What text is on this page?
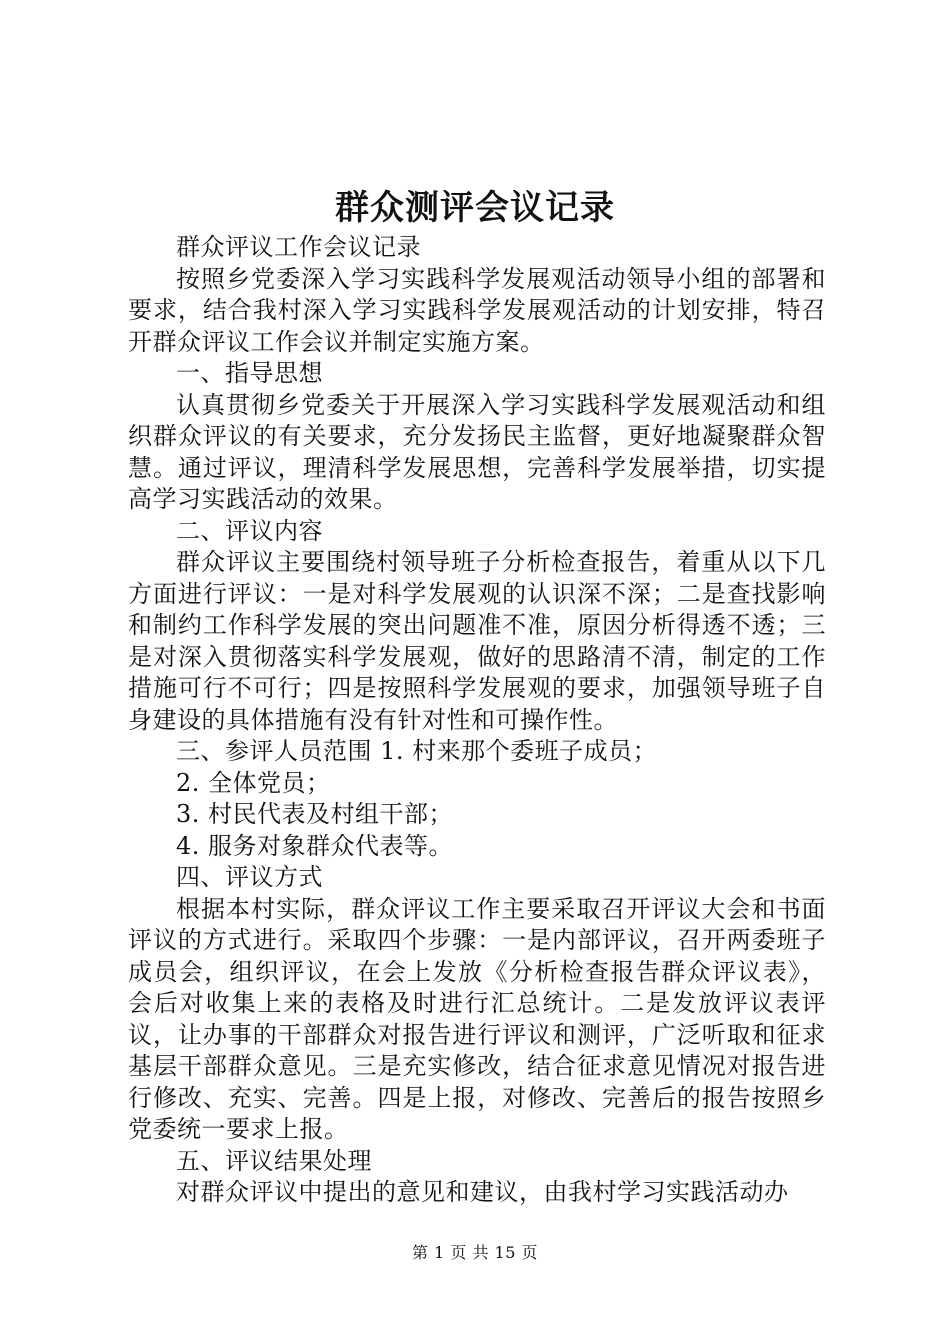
群众测评会议记录

群众评议工作会议记录

按照乡党委深入学习实践科学发展观活动领导小组的部署和要求，结合我村深入学习实践科学发展观活动的计划安排，特召开群众评议工作会议并制定实施方案。

一、指导思想

认真贯彻乡党委关于开展深入学习实践科学发展观活动和组织群众评议的有关要求，充分发扬民主监督，更好地凝聚群众智慧。通过评议，理清科学发展思想，完善科学发展举措，切实提高学习实践活动的效果。

二、评议内容

群众评议主要围绕村领导班子分析检查报告，着重从以下几方面进行评议：一是对科学发展观的认识深不深；二是查找影响和制约工作科学发展的突出问题准不准，原因分析得透不透；三是对深入贯彻落实科学发展观，做好的思路清不清，制定的工作措施可行不可行；四是按照科学发展观的要求，加强领导班子自身建设的具体措施有没有针对性和可操作性。

三、参评人员范围 1. 村来那个委班子成员；

2. 全体党员；

3. 村民代表及村组干部；

4. 服务对象群众代表等。

四、评议方式

根据本村实际，群众评议工作主要采取召开评议大会和书面评议的方式进行。采取四个步骤：一是内部评议，召开两委班子成员会，组织评议，在会上发放《分析检查报告群众评议表》，会后对收集上来的表格及时进行汇总统计。二是发放评议表评议，让办事的干部群众对报告进行评议和测评，广泛听取和征求基层干部群众意见。三是充实修改，结合征求意见情况对报告进行修改、充实、完善。四是上报，对修改、完善后的报告按照乡党委统一要求上报。

五、评议结果处理

对群众评议中提出的意见和建议，由我村学习实践活动办

第 1 页 共 15 页
